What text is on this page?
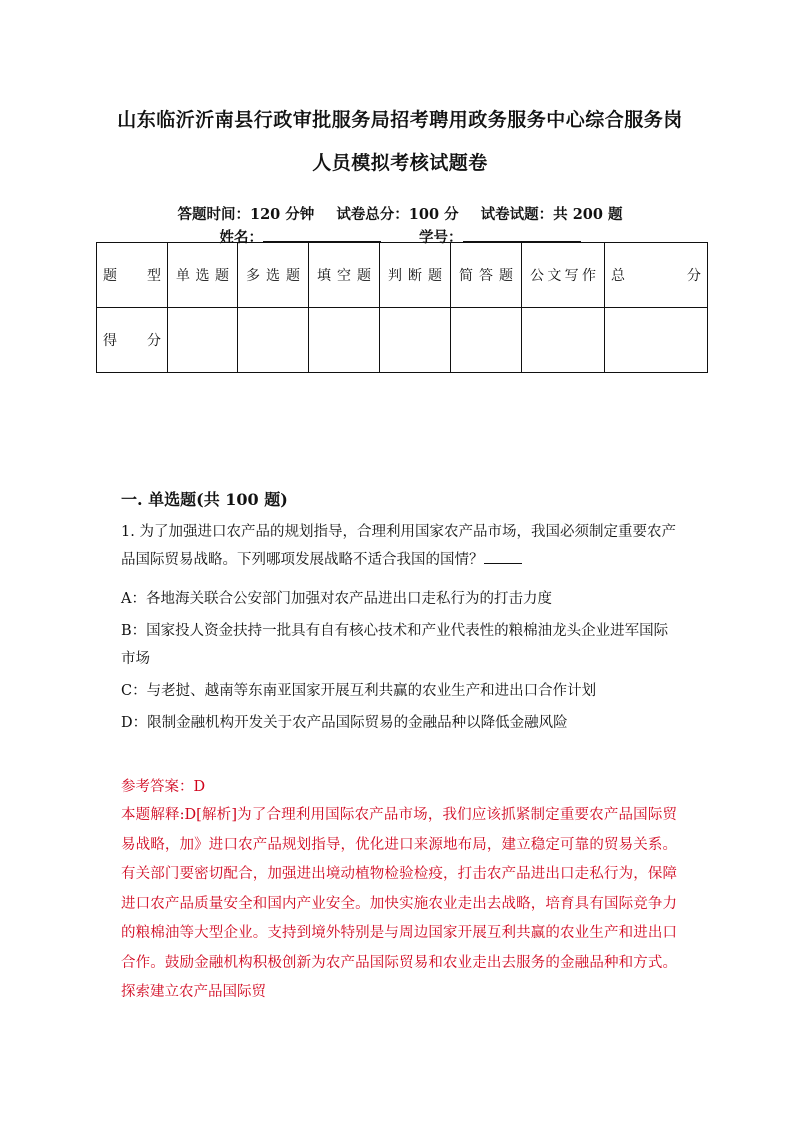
山东临沂沂南县行政审批服务局招考聘用政务服务中心综合服务岗
人员模拟考核试题卷
答题时间：120 分钟 试卷总分：100 分 试卷试题：共 200 题
姓名：	学号：
题 型	单 选 题	多 选 题	填 空 题	判 断 题	简 答 题	公 文 写 作	总 分

得 分							

一. 单选题(共 100 题)
1. 为了加强进口农产品的规划指导，合理利用国家农产品市场，我国必须制定重要农产品国际贸易战略。下列哪项发展战略不适合我国的国情？
A：各地海关联合公安部门加强对农产品进出口走私行为的打击力度
B：国家投人资金扶持一批具有自有核心技术和产业代表性的粮棉油龙头企业进军国际市场
C：与老挝、越南等东南亚国家开展互利共赢的农业生产和进出口合作计划
D：限制金融机构开发关于农产品国际贸易的金融品种以降低金融风险
参考答案：D
本题解释:D[解析]为了合理利用国际农产品市场，我们应该抓紧制定重要农产品国际贸易战略，加》进口农产品规划指导，优化进口来源地布局，建立稳定可靠的贸易关系。有关部门要密切配合，加强进出境动植物检验检疫，打击农产品进出口走私行为，保障进口农产品质量安全和国内产业安全。加快实施农业走出去战略，培育具有国际竞争力的粮棉油等大型企业。支持到境外特别是与周边国家开展互利共赢的农业生产和进出口合作。鼓励金融机构积极创新为农产品国际贸易和农业走出去服务的金融品种和方式。探索建立农产品国际贸
